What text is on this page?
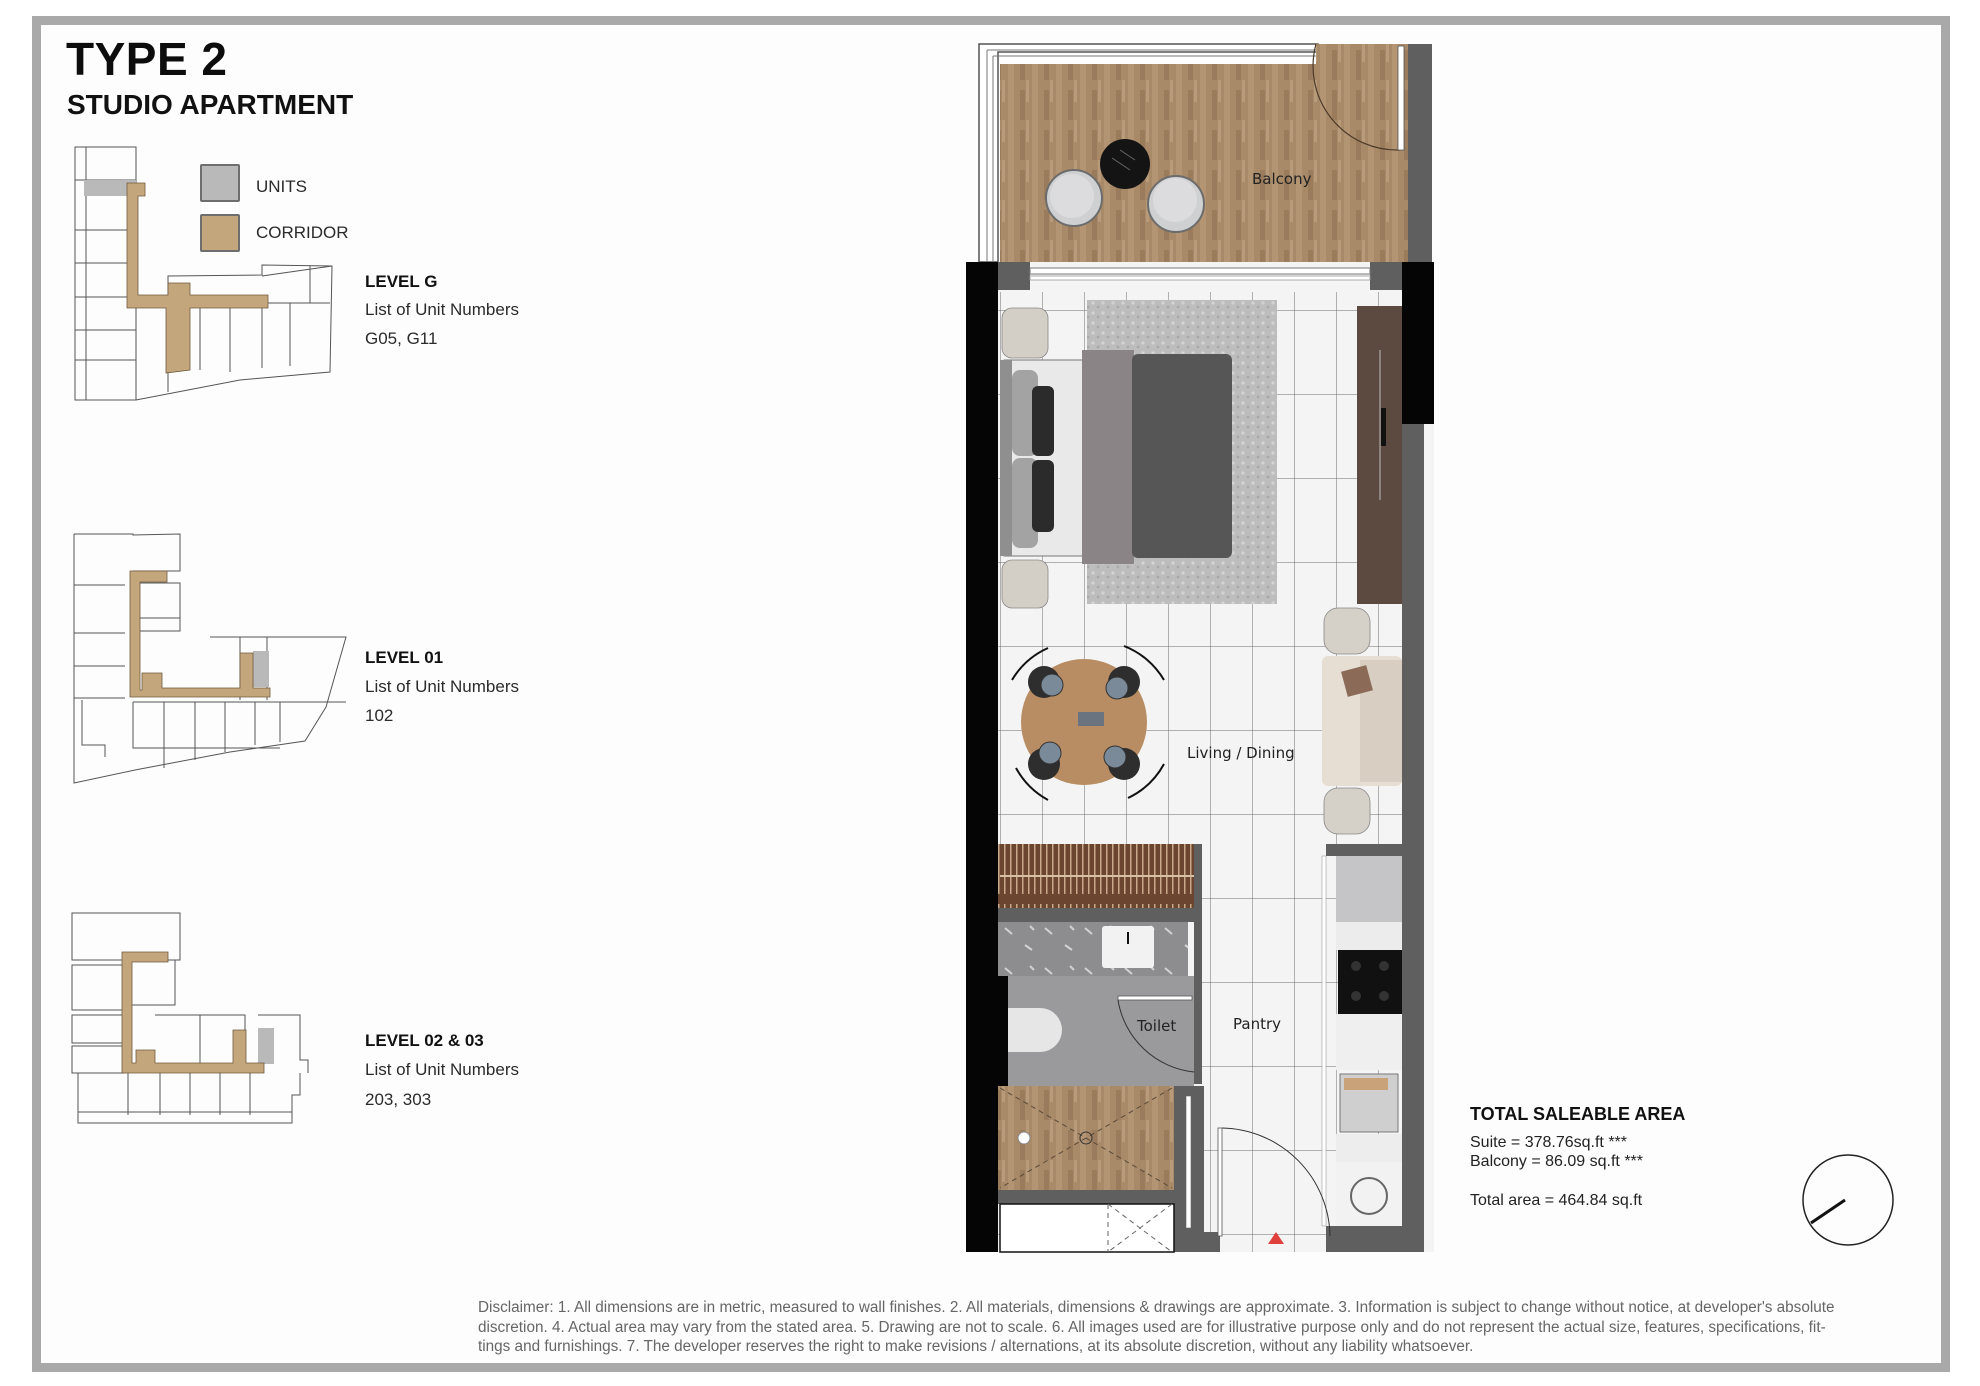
TYPE 2
STUDIO APARTMENT
UNITS
CORRIDOR
LEVEL G
List of Unit Numbers
G05, G11
LEVEL 01
List of Unit Numbers
102
LEVEL 02 & 03
List of Unit Numbers
203, 303
Balcony
Living / Dining
Toilet	Pantry
TOTAL SALEABLE AREA
Suite = 378.76sq.ft ***
Balcony = 86.09 sq.ft ***
Total area = 464.84 sq.ft
Disclaimer: 1. All dimensions are in metric, measured to wall finishes. 2. All materials, dimensions & drawings are approximate. 3. Information is subject to change without notice, at developer's absolute
discretion. 4. Actual area may vary from the stated area. 5. Drawing are not to scale. 6. All images used are for illustrative purpose only and do not represent the actual size, features, specifications, fit-
tings and furnishings. 7. The developer reserves the right to make revisions / alternations, at its absolute discretion, without any liability whatsoever.
